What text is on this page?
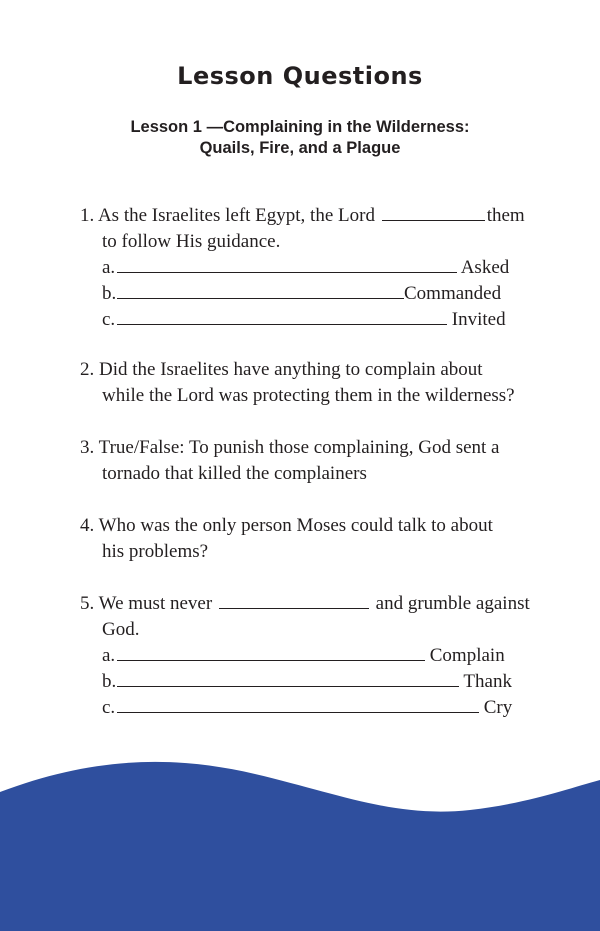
Lesson Questions
Lesson 1 —Complaining in the Wilderness:
Quails, Fire, and a Plague
1. As the Israelites left Egypt, the Lord	them
to follow His guidance.
a.	Asked
b.	Commanded
c.	Invited
2. Did the Israelites have anything to complain about
while the Lord was protecting them in the wilderness?
3. True/False: To punish those complaining, God sent a
tornado that killed the complainers
4. Who was the only person Moses could talk to about
his problems?
5. We must never	and grumble against
God.
a.	Complain
b.	Thank
c.	Cry
